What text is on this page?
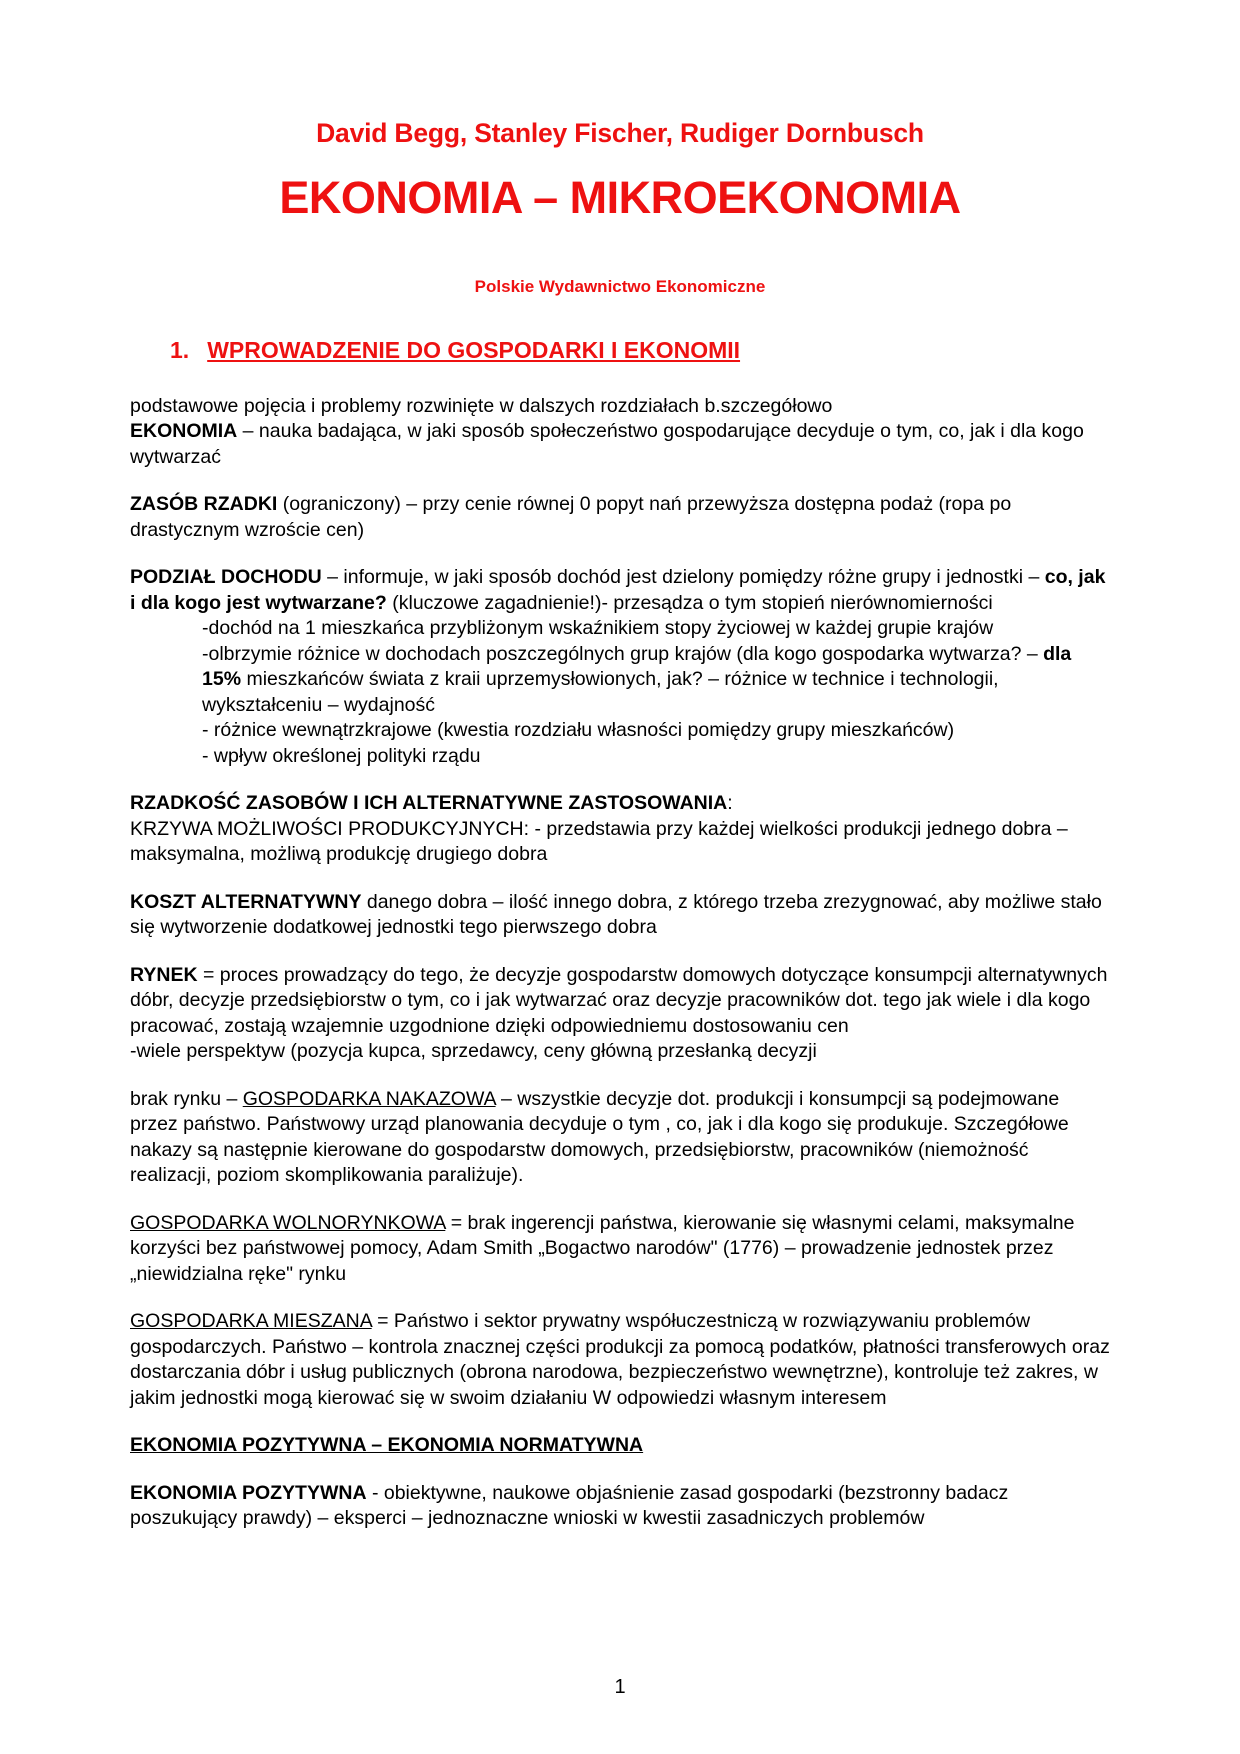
David Begg, Stanley Fischer, Rudiger Dornbusch
EKONOMIA – MIKROEKONOMIA
Polskie Wydawnictwo Ekonomiczne
1. WPROWADZENIE DO GOSPODARKI I EKONOMII

podstawowe pojęcia i problemy rozwinięte w dalszych rozdziałach b.szczegółowo

EKONOMIA – nauka badająca, w jaki sposób społeczeństwo gospodarujące decyduje o tym, co, jak i dla kogo wytwarzać

ZASÓB RZADKI (ograniczony) – przy cenie równej 0 popyt nań przewyższa dostępna podaż (ropa po drastycznym wzroście cen)

PODZIAŁ DOCHODU – informuje, w jaki sposób dochód jest dzielony pomiędzy różne grupy i jednostki – co, jak i dla kogo jest wytwarzane? (kluczowe zagadnienie!)- przesądza o tym stopień nierównomierności

-dochód na 1 mieszkańca przybliżonym wskaźnikiem stopy życiowej w każdej grupie krajów

-olbrzymie różnice w dochodach poszczególnych grup krajów (dla kogo gospodarka wytwarza? – dla 15% mieszkańców świata z kraii uprzemysłowionych, jak? – różnice w technice i technologii, wykształceniu – wydajność

- różnice wewnątrzkrajowe (kwestia rozdziału własności pomiędzy grupy mieszkańców)

- wpływ określonej polityki rządu

RZADKOŚĆ ZASOBÓW I ICH ALTERNATYWNE ZASTOSOWANIA:

KRZYWA MOŻLIWOŚCI PRODUKCYJNYCH: - przedstawia przy każdej wielkości produkcji jednego dobra – maksymalna, możliwą produkcję drugiego dobra

KOSZT ALTERNATYWNY danego dobra – ilość innego dobra, z którego trzeba zrezygnować, aby możliwe stało się wytworzenie dodatkowej jednostki tego pierwszego dobra

RYNEK = proces prowadzący do tego, że decyzje gospodarstw domowych dotyczące konsumpcji alternatywnych dóbr, decyzje przedsiębiorstw o tym, co i jak wytwarzać oraz decyzje pracowników dot. tego jak wiele i dla kogo pracować, zostają wzajemnie uzgodnione dzięki odpowiedniemu dostosowaniu cen

-wiele perspektyw (pozycja kupca, sprzedawcy, ceny główną przesłanką decyzji

brak rynku – GOSPODARKA NAKAZOWA – wszystkie decyzje dot. produkcji i konsumpcji są podejmowane przez państwo. Państwowy urząd planowania decyduje o tym , co, jak i dla kogo się produkuje. Szczegółowe nakazy są następnie kierowane do gospodarstw domowych, przedsiębiorstw, pracowników (niemożność realizacji, poziom skomplikowania paraliżuje).

GOSPODARKA WOLNORYNKOWA = brak ingerencji państwa, kierowanie się własnymi celami, maksymalne korzyści bez państwowej pomocy, Adam Smith „Bogactwo narodów" (1776) – prowadzenie jednostek przez „niewidzialna ręke" rynku

GOSPODARKA MIESZANA = Państwo i sektor prywatny współuczestniczą w rozwiązywaniu problemów gospodarczych. Państwo – kontrola znacznej części produkcji za pomocą podatków, płatności transferowych oraz dostarczania dóbr i usług publicznych (obrona narodowa, bezpieczeństwo wewnętrzne), kontroluje też zakres, w jakim jednostki mogą kierować się w swoim działaniu W odpowiedzi własnym interesem

EKONOMIA POZYTYWNA – EKONOMIA NORMATYWNA

EKONOMIA POZYTYWNA - obiektywne, naukowe objaśnienie zasad gospodarki (bezstronny badacz poszukujący prawdy) – eksperci – jednoznaczne wnioski w kwestii zasadniczych problemów

1
